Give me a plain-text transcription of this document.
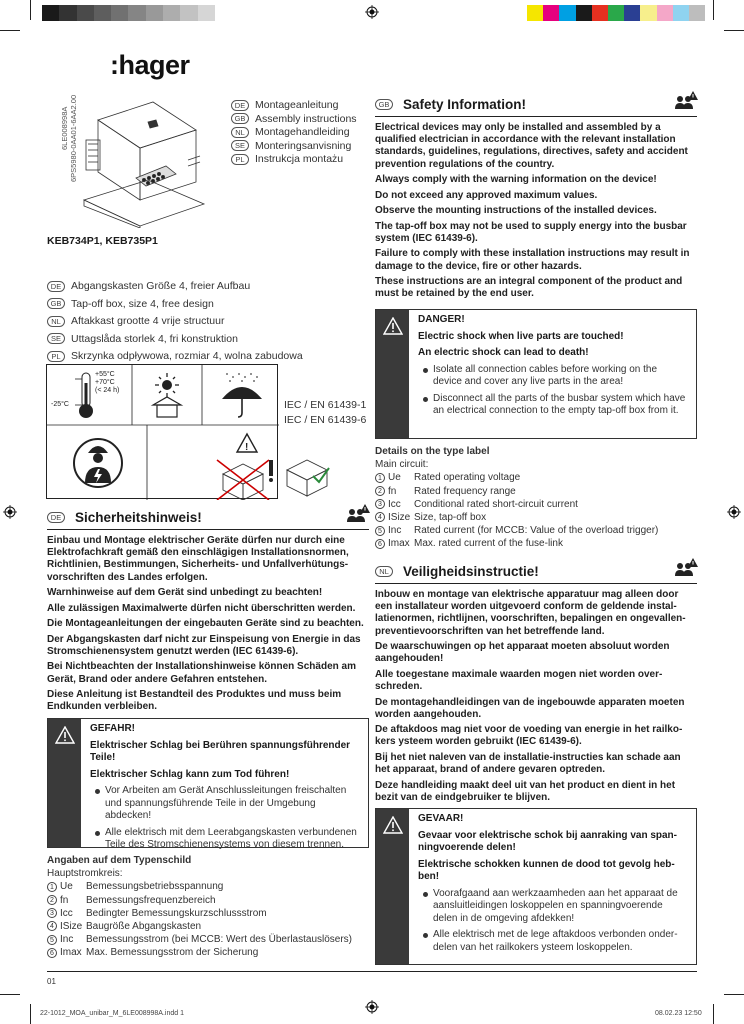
:hager
6LE008998A 6PS5980-0AA01-6AA2.00	DE Montageanleitung
GB Assembly instructions
NL Montagehandleiding
SE Monteringsanvisning
PL Instrukcja montażu
KEB734P1, KEB735P1
DE Abgangskasten Größe 4, freier Aufbau
GB Tap-off box, size 4, free design
NL Aftakkast grootte 4 vrije structuur
SE Uttagslåda storlek 4, fri konstruktion
PL Skrzynka odpływowa, rozmiar 4, wolna zabudowa
+55°C
+70°C
(< 24 h)
-25°C	IEC / EN 61439-1
IEC / EN 61439-6
!
GB Safety Information!

Electrical devices may only be installed and assembled by a qualified electrician in accordance with the relevant installation standards, guidelines, regulations, directives, safety and accident prevention regulations of the country.

Always comply with the warning information on the device!

Do not exceed any approved maximum values.

Observe the mounting instructions of the installed devices.

The tap-off box may not be used to supply energy into the busbar system (IEC 61439-6).

Failure to comply with these installation instructions may result in damage to the device, fire or other hazards.

These instructions are an integral component of the product and must be retained by the end user.

DANGER!
Electric shock when live parts are touched!
An electric shock can lead to death!
Isolate all connection cables before working on the device and cover any live parts in the area!
Disconnect all the parts of the busbar system which have an electrical connection to the empty tap-off box from it.
Details on the type label
Main circuit:
1 Ue Rated operating voltage
2 fn Rated frequency range
3 Icc Conditional rated short-circuit current
4 ISize Size, tap-off box
5 Inc Rated current (for MCCB: Value of the overload trigger)
6 Imax Max. rated current of the fuse-link
DE Sicherheitshinweis!

Einbau und Montage elektrischer Geräte dürfen nur durch eine Elektrofachkraft gemäß den einschlägigen Installationsnormen, Richtlinien, Bestimmungen, Sicherheits- und Unfallverhütungs-vorschriften des Landes erfolgen.

Warnhinweise auf dem Gerät sind unbedingt zu beachten!

Alle zulässigen Maximalwerte dürfen nicht überschritten werden.

Die Montageanleitungen der eingebauten Geräte sind zu beachten.

Der Abgangskasten darf nicht zur Einspeisung von Energie in das Stromschienensystem genutzt werden (IEC 61439-6).

Bei Nichtbeachten der Installationshinweise können Schäden am Gerät, Brand oder andere Gefahren entstehen.

Diese Anleitung ist Bestandteil des Produktes und muss beim Endkunden verbleiben.

GEFAHR!
Elektrischer Schlag bei Berühren spannungsführender Teile!
Elektrischer Schlag kann zum Tod führen!
Vor Arbeiten am Gerät Anschlussleitungen freischalten und spannungsführende Teile in der Umgebung abdecken!
Alle elektrisch mit dem Leerabgangskasten verbundenen Teile des Stromschienensystems von diesem trennen.
Angaben auf dem Typenschild
Hauptstromkreis:
1 Ue Bemessungsbetriebsspannung
2 fn Bemessungsfrequenzbereich
3 Icc Bedingter Bemessungskurzschlussstrom
4 ISize Baugröße Abgangskasten
5 Inc Bemessungsstrom (bei MCCB: Wert des Überlastauslösers)
6 Imax Max. Bemessungsstrom der Sicherung
NL	Veiligheidsinstructie!

Inbouw en montage van elektrische apparatuur mag alleen door een installateur worden uitgevoerd conform de geldende instal-latienormen, richtlijnen, voorschriften, bepalingen en ongevallen-preventievoorschriften van het betreffende land.

De waarschuwingen op het apparaat moeten absoluut worden aangehouden!

Alle toegestane maximale waarden mogen niet worden over-schreden.

De montagehandleidingen van de ingebouwde apparaten moeten worden aangehouden.

De aftakdoos mag niet voor de voeding van energie in het railko-kers ysteem worden gebruikt (IEC 61439-6).

Bij het niet naleven van de installatie-instructies kan schade aan het apparaat, brand of andere gevaren optreden.

Deze handleiding maakt deel uit van het product en dient in het bezit van de eindgebruiker te blijven.

GEVAAR!
Gevaar voor elektrische schok bij aanraking van span-ningvoerende delen!
Elektrische schokken kunnen de dood tot gevolg heb-ben!
Voorafgaand aan werkzaamheden aan het apparaat de aansluitleidingen loskoppelen en spanningvoerende delen in de omgeving afdekken!
Alle elektrisch met de lege aftakdoos verbonden onder-delen van het railkokers ysteem loskoppelen.
01
22-1012_MOA_unibar_M_6LE008998A.indd 1	08.02.23 12:50
